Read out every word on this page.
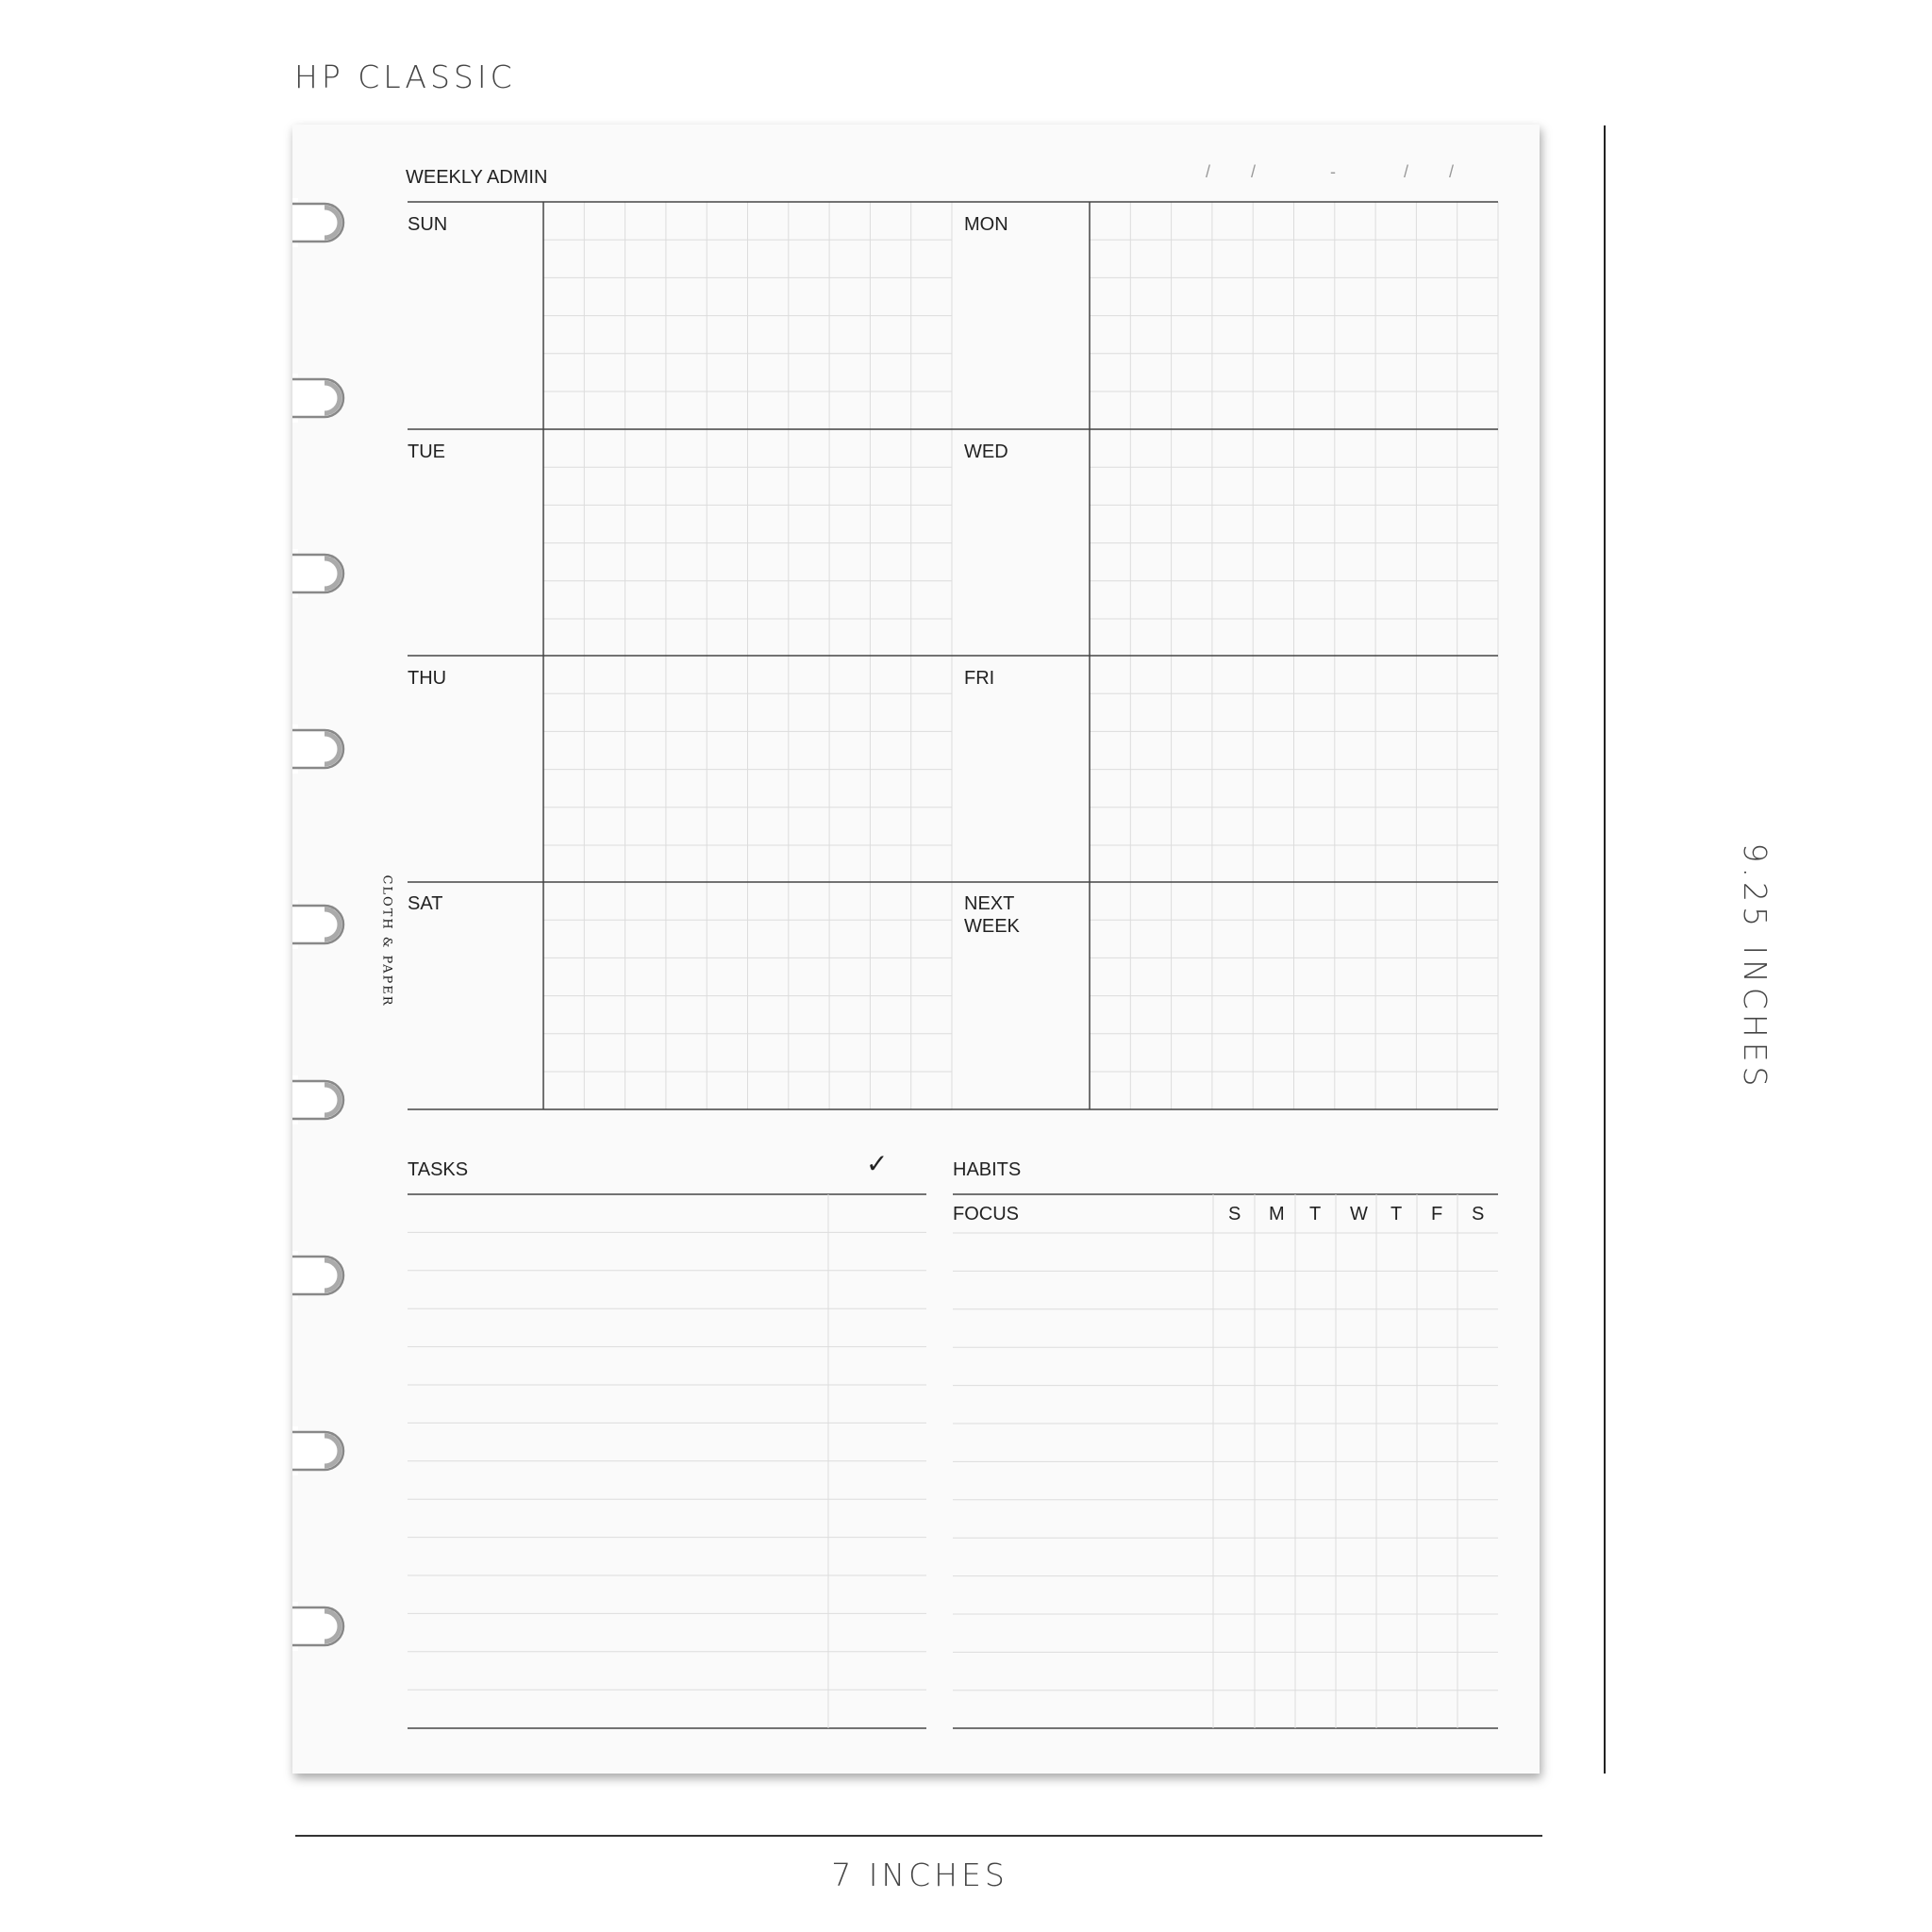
HP CLASSIC
WEEKLY ADMIN	/ /	-	/ /
SUN	MON
TUE	WED
THU	FRI
SAT	NEXT
WEEK
TASKS	✓	HABITS
FOCUS	S M T W T F S
CLOTH & PAPER	9.25 INCHES
7 INCHES
